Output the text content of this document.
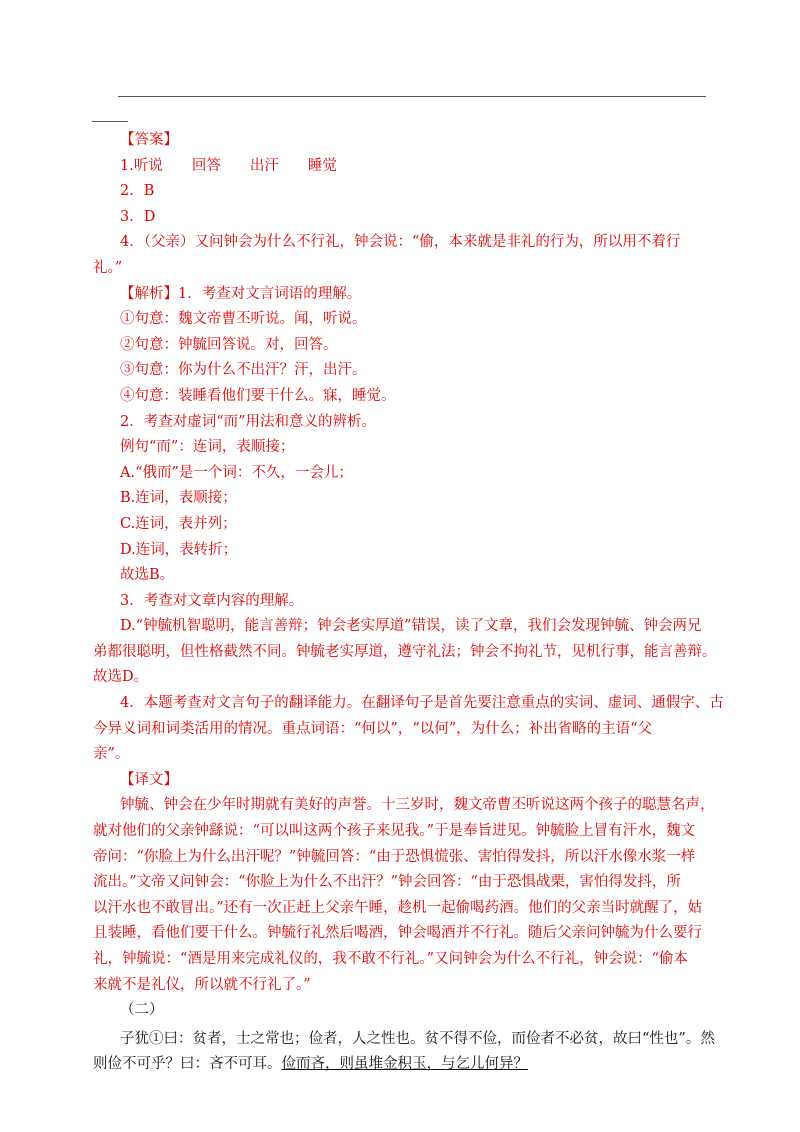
【答案】
1.听说　　回答　　出汗　　睡觉
2．B
3．D
4．（父亲）又问钟会为什么不行礼，钟会说：“偷，本来就是非礼的行为，所以用不着行
礼。”
【解析】1．考查对文言词语的理解。
①句意：魏文帝曹丕听说。闻，听说。
②句意：钟毓回答说。对，回答。
③句意：你为什么不出汗？汗，出汗。
④句意：装睡看他们要干什么。寐，睡觉。
2．考查对虚词“而”用法和意义的辨析。
例句“而”：连词，表顺接；
A.“俄而”是一个词：不久，一会儿；
B.连词，表顺接；
C.连词，表并列；
D.连词，表转折；
故选B。
3．考查对文章内容的理解。
D.“钟毓机智聪明，能言善辩；钟会老实厚道”错误，读了文章，我们会发现钟毓、钟会两兄
弟都很聪明，但性格截然不同。钟毓老实厚道，遵守礼法；钟会不拘礼节，见机行事，能言善辩。
故选D。
4．本题考查对文言句子的翻译能力。在翻译句子是首先要注意重点的实词、虚词、通假字、古
今异义词和词类活用的情况。重点词语：“何以”，“以何”，为什么；补出省略的主语“父
亲”。
【译文】
钟毓、钟会在少年时期就有美好的声誉。十三岁时，魏文帝曹丕听说这两个孩子的聪慧名声，
就对他们的父亲钟繇说：“可以叫这两个孩子来见我。”于是奉旨进见。钟毓脸上冒有汗水，魏文
帝问：“你脸上为什么出汗呢？”钟毓回答：“由于恐惧慌张、害怕得发抖，所以汗水像水浆一样
流出。”文帝又问钟会：“你脸上为什么不出汗？”钟会回答：“由于恐惧战栗，害怕得发抖，所
以汗水也不敢冒出。”还有一次正赶上父亲午睡，趁机一起偷喝药酒。他们的父亲当时就醒了，姑
且装睡，看他们要干什么。钟毓行礼然后喝酒，钟会喝酒并不行礼。随后父亲问钟毓为什么要行
礼，钟毓说：“酒是用来完成礼仪的，我不敢不行礼。”又问钟会为什么不行礼，钟会说：“偷本
来就不是礼仪，所以就不行礼了。”
（二）
子犹①曰：贫者，士之常也；俭者，人之性也。贫不得不俭，而俭者不必贫，故曰“性也”。然
则俭不可乎？曰：吝不可耳。俭而吝，则虽堆金积玉，与乞儿何异？
